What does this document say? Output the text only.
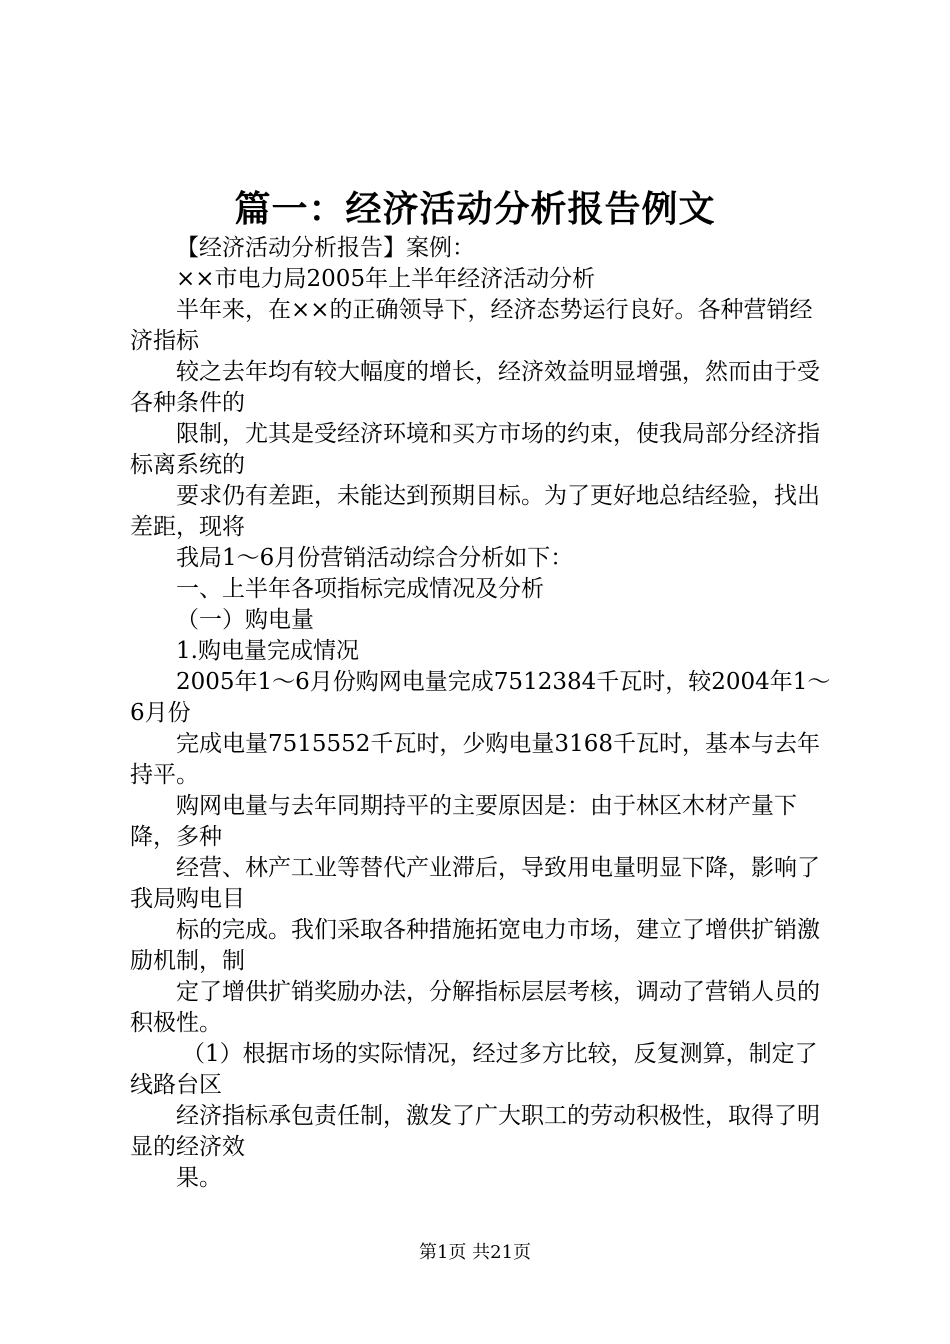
篇一：经济活动分析报告例文

【经济活动分析报告】案例：

××市电力局2005年上半年经济活动分析

半年来，在××的正确领导下，经济态势运行良好。各种营销经济指标

较之去年均有较大幅度的增长，经济效益明显增强，然而由于受各种条件的

限制，尤其是受经济环境和买方市场的约束，使我局部分经济指标离系统的

要求仍有差距，未能达到预期目标。为了更好地总结经验，找出差距，现将

我局1～6月份营销活动综合分析如下：

一、上半年各项指标完成情况及分析

（一）购电量

1.购电量完成情况

2005年1～6月份购网电量完成7512384千瓦时，较2004年1～6月份

完成电量7515552千瓦时，少购电量3168千瓦时，基本与去年持平。

购网电量与去年同期持平的主要原因是：由于林区木材产量下降，多种

经营、林产工业等替代产业滞后，导致用电量明显下降，影响了我局购电目

标的完成。我们采取各种措施拓宽电力市场，建立了增供扩销激励机制，制

定了增供扩销奖励办法，分解指标层层考核，调动了营销人员的积极性。

（1）根据市场的实际情况，经过多方比较，反复测算，制定了线路台区

经济指标承包责任制，激发了广大职工的劳动积极性，取得了明显的经济效

果。

第1页 共21页
